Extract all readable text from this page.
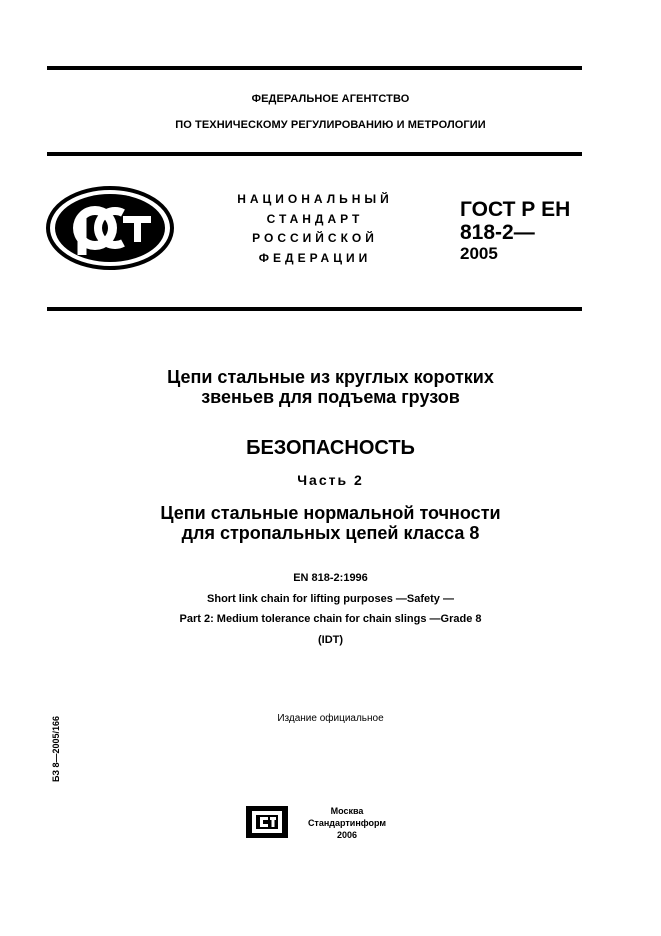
ФЕДЕРАЛЬНОЕ АГЕНТСТВО
ПО ТЕХНИЧЕСКОМУ РЕГУЛИРОВАНИЮ И МЕТРОЛОГИИ
НАЦИОНАЛЬНЫЙ
СТАНДАРТ
РОССИЙСКОЙ
ФЕДЕРАЦИИ
ГОСТ Р ЕН
818-2—
2005
Цепи стальные из круглых коротких
звеньев для подъема грузов
БЕЗОПАСНОСТЬ
Часть 2
Цепи стальные нормальной точности
для стропальных цепей класса 8
EN 818-2:1996
Short link chain for lifting purposes —Safety —
Part 2: Medium tolerance chain for chain slings —Grade 8
(IDT)
Издание официальное
БЗ 8—2005/166
Москва
Стандартинформ
2006
